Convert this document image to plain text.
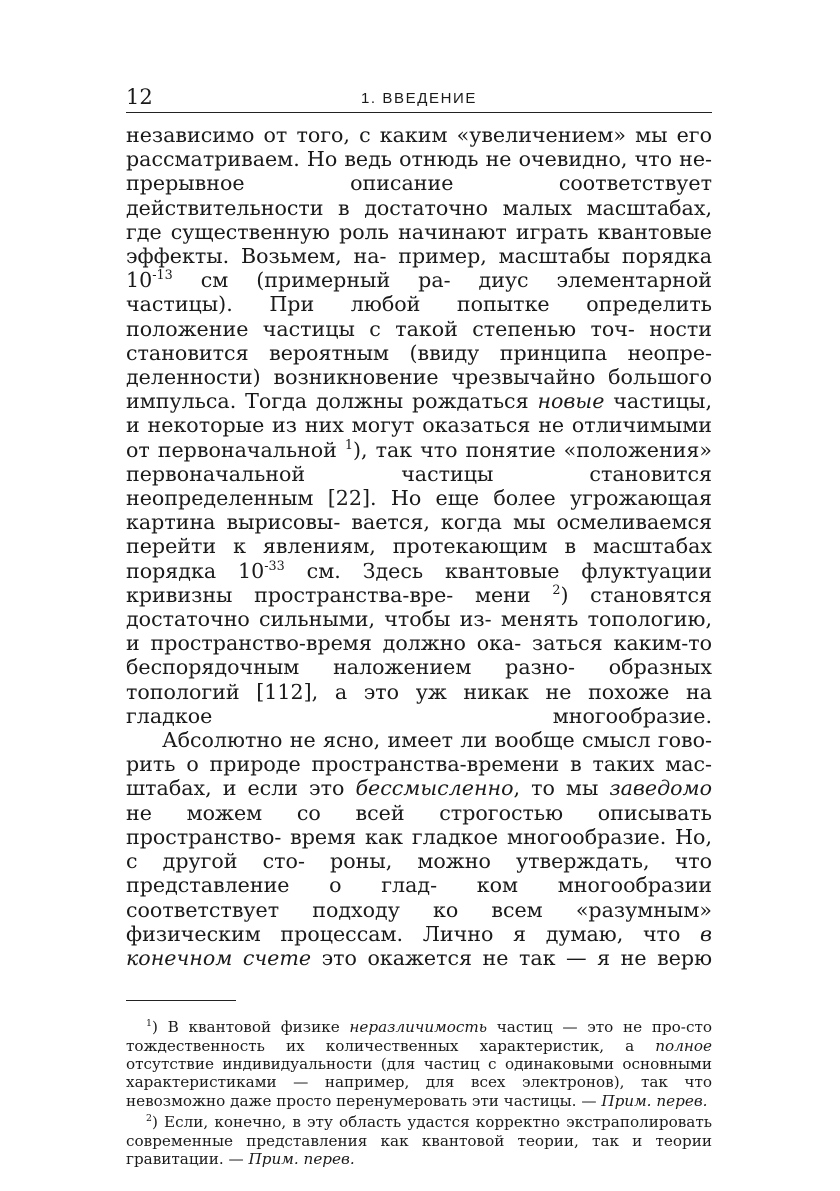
12	1. ВВЕДЕНИЕ

независимо от того, с каким «увеличением» мы его рассматриваем. Но ведь отнюдь не очевидно, что не- прерывное описание соответствует действительности в достаточно малых масштабах, где существенную роль начинают играть квантовые эффекты. Возьмем, на- пример, масштабы порядка $10^{-13}$ см (примерный ра- диус элементарной частицы). При любой попытке определить положение частицы с такой степенью точ- ности становится вероятным (ввиду принципа неопре- деленности) возникновение чрезвычайно большого импульса. Тогда должны рождаться новые частицы, и некоторые из них могут оказаться не отличимыми от первоначальной $^1$), так что понятие «положения» первоначальной частицы становится неопределенным [22]. Но еще более угрожающая картина вырисовы- вается, когда мы осмеливаемся перейти к явлениям, протекающим в масштабах порядка $10^{-33}$ см. Здесь квантовые флуктуации кривизны пространства-вре- мени $^2$) становятся достаточно сильными, чтобы из- менять топологию, и пространство-время должно ока- заться каким-то беспорядочным наложением разно- образных топологий [112], а это уж никак не похоже на гладкое многообразие.

Абсолютно не ясно, имеет ли вообще смысл гово- рить о природе пространства-времени в таких мас- штабах, и если это бессмысленно, то мы заведомо не можем со всей строгостью описывать пространство- время как гладкое многообразие. Но, с другой сто- роны, можно утверждать, что представление о глад- ком многообразии соответствует подходу ко всем «разумным» физическим процессам. Лично я думаю, что в конечном счете это окажется не так — я не верю

$^1$) В квантовой физике неразличимость частиц — это не про-сто тождественность их количественных характеристик, а полное отсутствие индивидуальности (для частиц с одинаковыми основными характеристиками — например, для всех электронов), так что невозможно даже просто перенумеровать эти частицы. — Прим. перев.

$^2$) Если, конечно, в эту область удастся корректно экстраполировать современные представления как квантовой теории, так и теории гравитации. — Прим. перев.
